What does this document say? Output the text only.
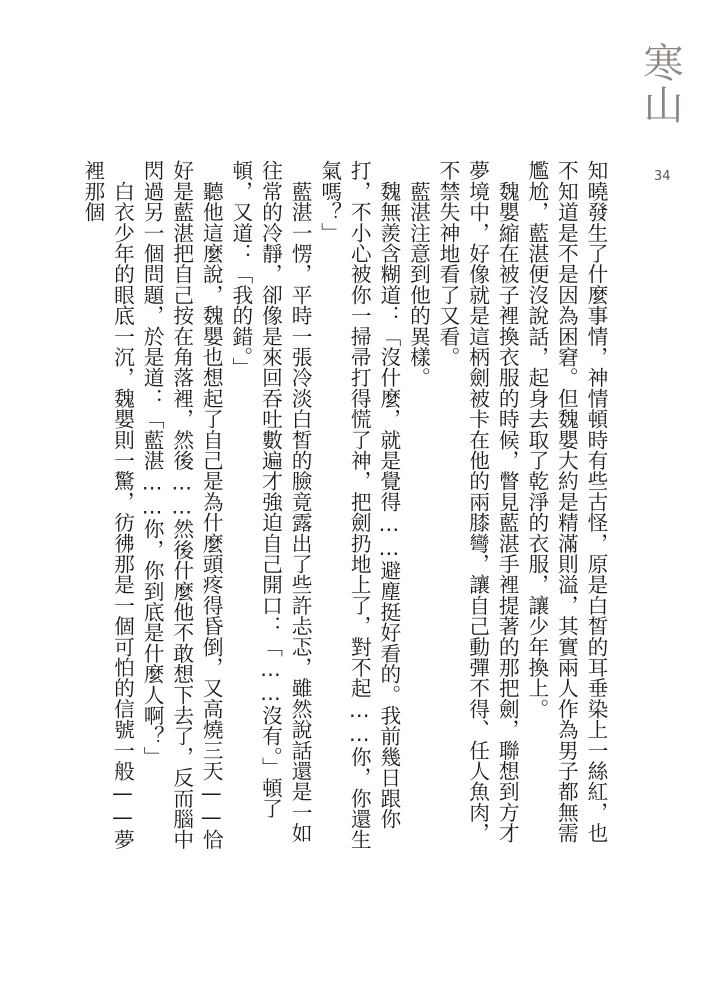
寒山
34

知曉發生了什麼事情，神情頓時有些古怪，原是白皙的耳垂染上一絲紅，也不知道是不是因為困窘。但魏嬰大約是精滿則溢，其實兩人作為男子都無需尷尬，藍湛便沒說話，起身去取了乾淨的衣服，讓少年換上。

　魏嬰縮在被子裡換衣服的時候，瞥見藍湛手裡提著的那把劍，聯想到方才夢境中，好像就是這柄劍被卡在他的兩膝彎，讓自己動彈不得、任人魚肉，不禁失神地看了又看。

　藍湛注意到他的異樣。

　魏無羨含糊道：「沒什麼，就是覺得……避塵挺好看的。我前幾日跟你打，不小心被你一掃帚打得慌了神，把劍扔地上了，對不起……你，你還生氣嗎？」

　藍湛一愣，平時一張冷淡白皙的臉竟露出了些許忐忑，雖然說話還是一如往常的冷靜，卻像是來回吞吐數遍才強迫自己開口：「……沒有。」頓了頓，又道：「我的錯。」

　聽他這麼說，魏嬰也想起了自己是為什麼頭疼得昏倒，又高燒三天——恰好是藍湛把自己按在角落裡，然後……然後什麼他不敢想下去了，反而腦中閃過另一個問題，於是道：「藍湛……你，你到底是什麼人啊？」

　白衣少年的眼底一沉，魏嬰則一驚，彷彿那是一個可怕的信號一般——夢裡那個
